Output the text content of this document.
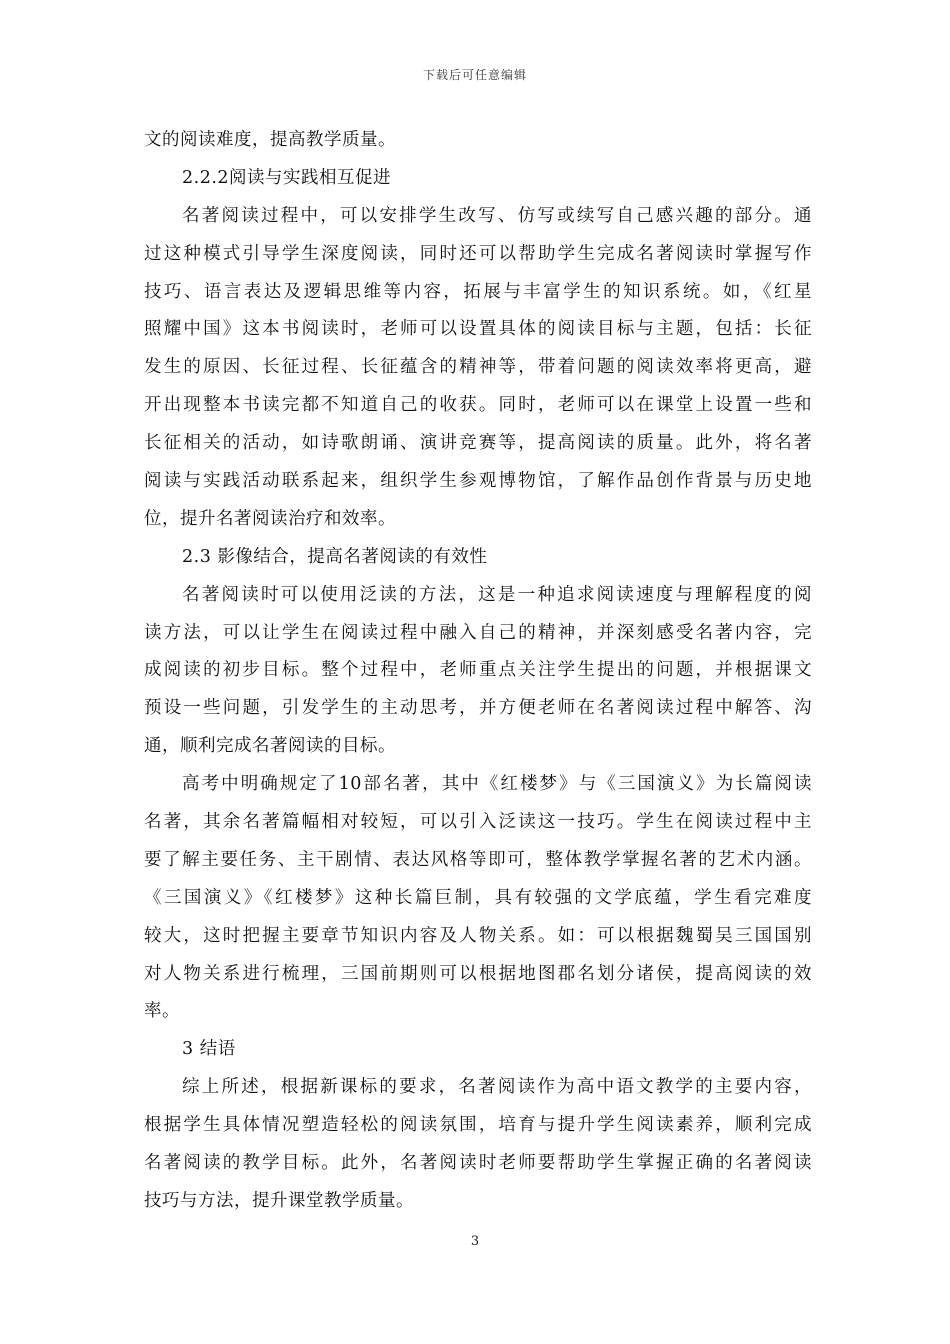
下载后可任意编辑
文的阅读难度，提高教学质量。
2.2.2阅读与实践相互促进
名著阅读过程中，可以安排学生改写、仿写或续写自己感兴趣的部分。通
过这种模式引导学生深度阅读，同时还可以帮助学生完成名著阅读时掌握写作
技巧、语言表达及逻辑思维等内容，拓展与丰富学生的知识系统。如，《红星
照耀中国》这本书阅读时，老师可以设置具体的阅读目标与主题，包括：长征
发生的原因、长征过程、长征蕴含的精神等，带着问题的阅读效率将更高，避
开出现整本书读完都不知道自己的收获。同时，老师可以在课堂上设置一些和
长征相关的活动，如诗歌朗诵、演讲竞赛等，提高阅读的质量。此外，将名著
阅读与实践活动联系起来，组织学生参观博物馆，了解作品创作背景与历史地
位，提升名著阅读治疗和效率。
2.3 影像结合，提高名著阅读的有效性
名著阅读时可以使用泛读的方法，这是一种追求阅读速度与理解程度的阅
读方法，可以让学生在阅读过程中融入自己的精神，并深刻感受名著内容，完
成阅读的初步目标。整个过程中，老师重点关注学生提出的问题，并根据课文
预设一些问题，引发学生的主动思考，并方便老师在名著阅读过程中解答、沟
通，顺利完成名著阅读的目标。
高考中明确规定了10部名著，其中《红楼梦》与《三国演义》为长篇阅读
名著，其余名著篇幅相对较短，可以引入泛读这一技巧。学生在阅读过程中主
要了解主要任务、主干剧情、表达风格等即可，整体教学掌握名著的艺术内涵。
《三国演义》《红楼梦》这种长篇巨制，具有较强的文学底蕴，学生看完难度
较大，这时把握主要章节知识内容及人物关系。如：可以根据魏蜀吴三国国别
对人物关系进行梳理，三国前期则可以根据地图郡名划分诸侯，提高阅读的效
率。
3 结语
综上所述，根据新课标的要求，名著阅读作为高中语文教学的主要内容，
根据学生具体情况塑造轻松的阅读氛围，培育与提升学生阅读素养，顺利完成
名著阅读的教学目标。此外，名著阅读时老师要帮助学生掌握正确的名著阅读
技巧与方法，提升课堂教学质量。
3
